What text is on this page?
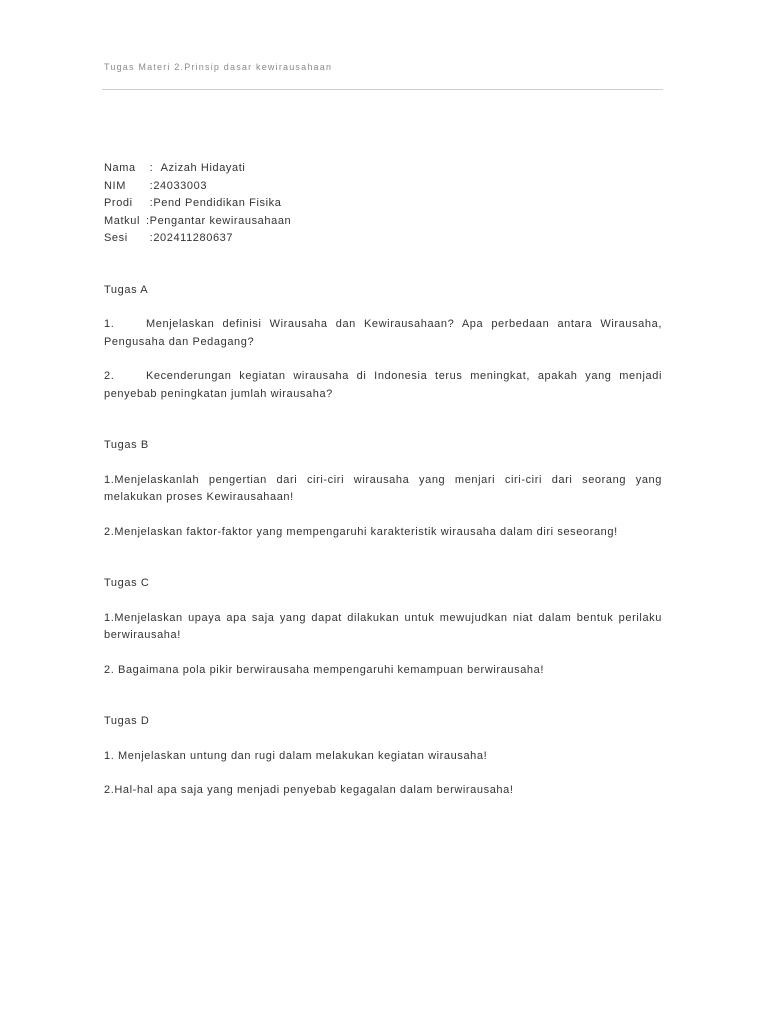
Tugas Materi 2.Prinsip dasar kewirausahaan
Nama : Azizah Hidayati
NIM	: 24033003
Prodi	: Pend Pendidikan Fisika
Matkul : Pengantar kewirausahaan
Sesi	: 202411280637
Tugas A
1.	Menjelaskan definisi Wirausaha dan Kewirausahaan? Apa perbedaan antara Wirausaha, Pengusaha dan Pedagang?
2.	Kecenderungan kegiatan wirausaha di Indonesia terus meningkat, apakah yang menjadi penyebab peningkatan jumlah wirausaha?
Tugas B
1.Menjelaskanlah pengertian dari ciri-ciri wirausaha yang menjari ciri-ciri dari seorang yang melakukan proses Kewirausahaan!
2.Menjelaskan faktor-faktor yang mempengaruhi karakteristik wirausaha dalam diri seseorang!
Tugas C
1.Menjelaskan upaya apa saja yang dapat dilakukan untuk mewujudkan niat dalam bentuk perilaku berwirausaha!
2. Bagaimana pola pikir berwirausaha mempengaruhi kemampuan berwirausaha!
Tugas D
1. Menjelaskan untung dan rugi dalam melakukan kegiatan wirausaha!
2.Hal-hal apa saja yang menjadi penyebab kegagalan dalam berwirausaha!
